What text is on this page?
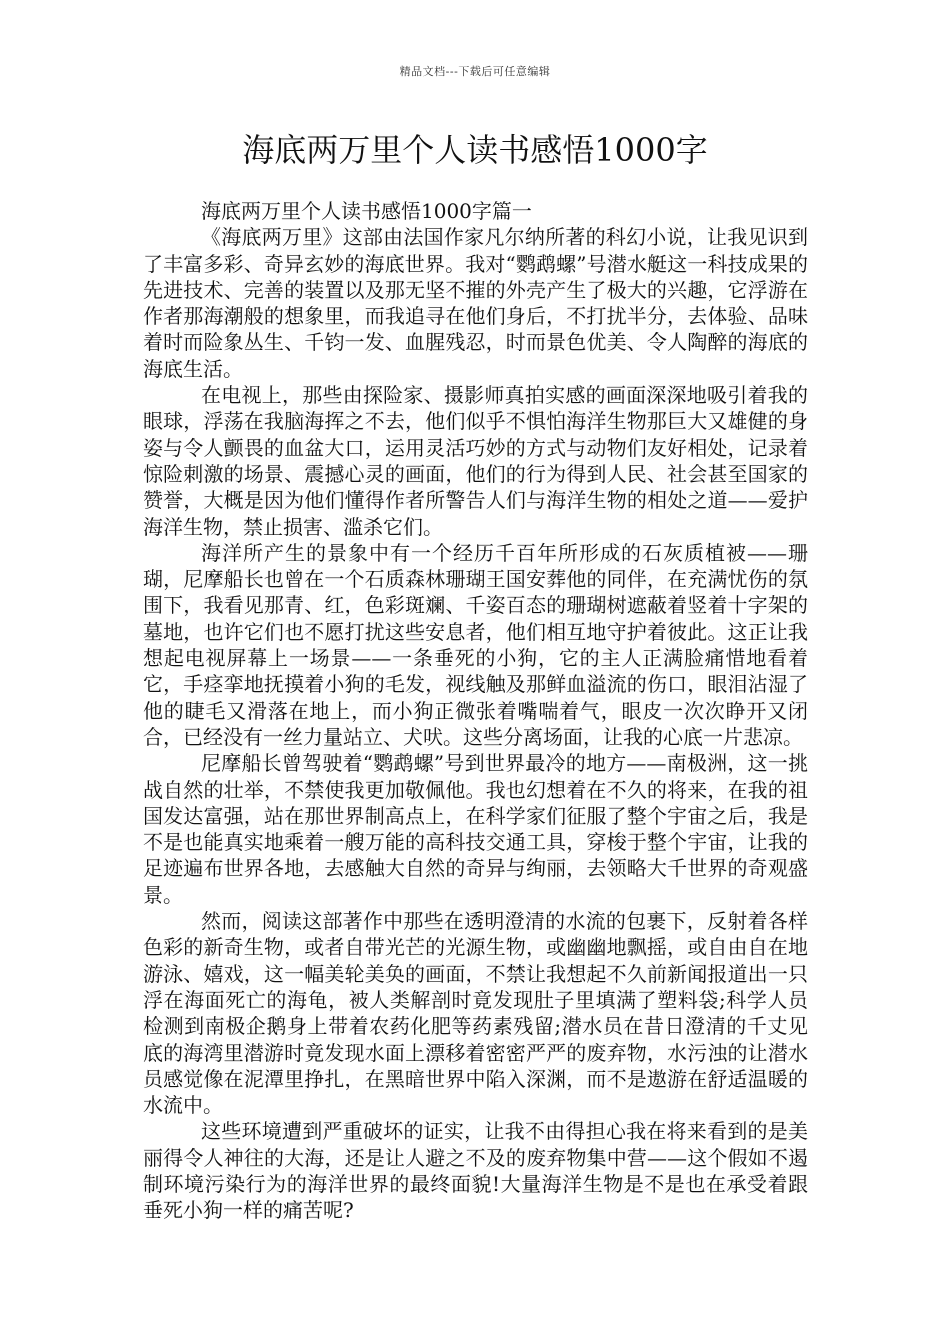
精品文档---下载后可任意编辑
海底两万里个人读书感悟1000字

海底两万里个人读书感悟1000字篇一

《海底两万里》这部由法国作家凡尔纳所著的科幻小说，让我见识到了丰富多彩、奇异玄妙的海底世界。我对“鹦鹉螺”号潜水艇这一科技成果的先进技术、完善的装置以及那无坚不摧的外壳产生了极大的兴趣，它浮游在作者那海潮般的想象里，而我追寻在他们身后，不打扰半分，去体验、品味着时而险象丛生、千钧一发、血腥残忍，时而景色优美、令人陶醉的海底的海底生活。

在电视上，那些由探险家、摄影师真拍实感的画面深深地吸引着我的眼球，浮荡在我脑海挥之不去，他们似乎不惧怕海洋生物那巨大又雄健的身姿与令人颤畏的血盆大口，运用灵活巧妙的方式与动物们友好相处，记录着惊险刺激的场景、震撼心灵的画面，他们的行为得到人民、社会甚至国家的赞誉，大概是因为他们懂得作者所警告人们与海洋生物的相处之道——爱护海洋生物，禁止损害、滥杀它们。

海洋所产生的景象中有一个经历千百年所形成的石灰质植被——珊瑚，尼摩船长也曾在一个石质森林珊瑚王国安葬他的同伴，在充满忧伤的氛围下，我看见那青、红，色彩斑斓、千姿百态的珊瑚树遮蔽着竖着十字架的墓地，也许它们也不愿打扰这些安息者，他们相互地守护着彼此。这正让我想起电视屏幕上一场景——一条垂死的小狗，它的主人正满脸痛惜地看着它，手痉挛地抚摸着小狗的毛发，视线触及那鲜血溢流的伤口，眼泪沾湿了他的睫毛又滑落在地上，而小狗正微张着嘴喘着气，眼皮一次次睁开又闭合，已经没有一丝力量站立、犬吠。这些分离场面，让我的心底一片悲凉。

尼摩船长曾驾驶着“鹦鹉螺”号到世界最冷的地方——南极洲，这一挑战自然的壮举，不禁使我更加敬佩他。我也幻想着在不久的将来，在我的祖国发达富强，站在那世界制高点上，在科学家们征服了整个宇宙之后，我是不是也能真实地乘着一艘万能的高科技交通工具，穿梭于整个宇宙，让我的足迹遍布世界各地，去感触大自然的奇异与绚丽，去领略大千世界的奇观盛景。

然而，阅读这部著作中那些在透明澄清的水流的包裹下，反射着各样色彩的新奇生物，或者自带光芒的光源生物，或幽幽地飘摇，或自由自在地游泳、嬉戏，这一幅美轮美奂的画面，不禁让我想起不久前新闻报道出一只浮在海面死亡的海龟，被人类解剖时竟发现肚子里填满了塑料袋;科学人员检测到南极企鹅身上带着农药化肥等药素残留;潜水员在昔日澄清的千丈见底的海湾里潜游时竟发现水面上漂移着密密严严的废弃物，水污浊的让潜水员感觉像在泥潭里挣扎，在黑暗世界中陷入深渊，而不是遨游在舒适温暖的水流中。

这些环境遭到严重破坏的证实，让我不由得担心我在将来看到的是美丽得令人神往的大海，还是让人避之不及的废弃物集中营——这个假如不遏制环境污染行为的海洋世界的最终面貌!大量海洋生物是不是也在承受着跟垂死小狗一样的痛苦呢?
